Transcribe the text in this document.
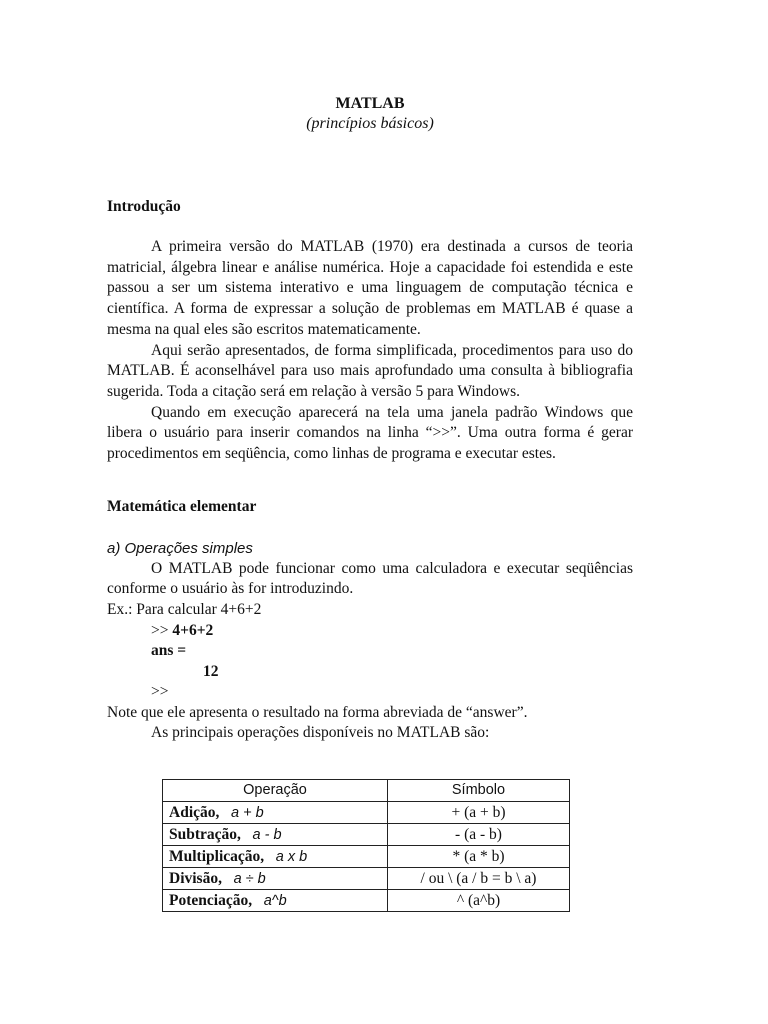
MATLAB
(princípios básicos)

Introdução

A primeira versão do MATLAB (1970) era destinada a cursos de teoria matricial, álgebra linear e análise numérica. Hoje a capacidade foi estendida e este passou a ser um sistema interativo e uma linguagem de computação técnica e científica. A forma de expressar a solução de problemas em MATLAB é quase a mesma na qual eles são escritos matematicamente.

Aqui serão apresentados, de forma simplificada, procedimentos para uso do MATLAB. É aconselhável para uso mais aprofundado uma consulta à bibliografia sugerida. Toda a citação será em relação à versão 5 para Windows.

Quando em execução aparecerá na tela uma janela padrão Windows que libera o usuário para inserir comandos na linha “>>”. Uma outra forma é gerar procedimentos em seqüência, como linhas de programa e executar estes.

Matemática elementar

a) Operações simples

O MATLAB pode funcionar como uma calculadora e executar seqüências conforme o usuário às for introduzindo.

Ex.: Para calcular 4+6+2

>> 4+6+2

ans =

12

>>

Note que ele apresenta o resultado na forma abreviada de “answer”.

As principais operações disponíveis no MATLAB são:

Operação	Símbolo
Adição, a + b	+ (a + b)
Subtração, a - b	- (a - b)
Multiplicação, a x b	* (a * b)
Divisão, a ÷ b	/ ou \ (a / b = b \ a)
Potenciação, a^b	^ (a^b)
